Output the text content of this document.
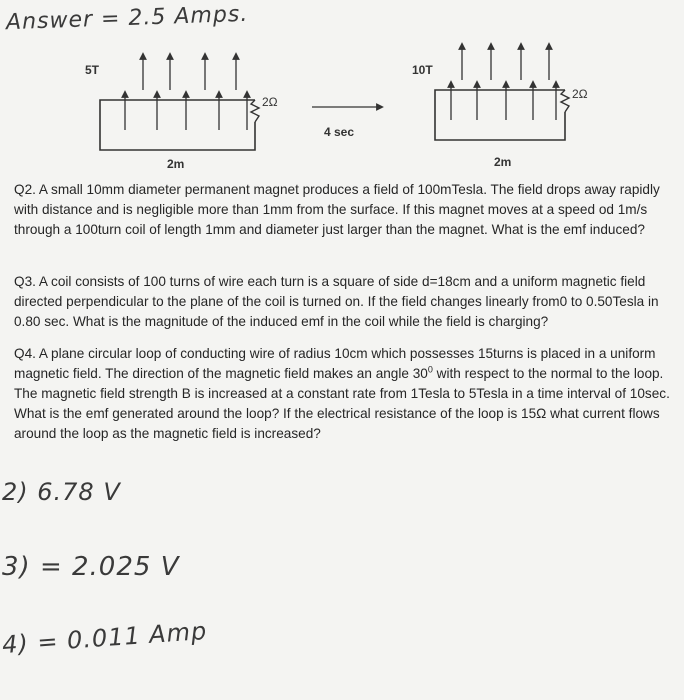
Answer = 2.5 Amps.
5T
2Ω
2m
4 sec
10T
2Ω
2m

Q2. A small 10mm diameter permanent magnet produces a field of 100mTesla. The field drops away rapidly with distance and is negligible more than 1mm from the surface. If this magnet moves at a speed od 1m/s through a 100turn coil of length 1mm and diameter just larger than the magnet. What is the emf induced?

Q3. A coil consists of 100 turns of wire each turn is a square of side d=18cm and a uniform magnetic field directed perpendicular to the plane of the coil is turned on. If the field changes linearly from0 to 0.50Tesla in 0.80 sec. What is the magnitude of the induced emf in the coil while the field is charging?

Q4. A plane circular loop of conducting wire of radius 10cm which possesses 15turns is placed in a uniform magnetic field. The direction of the magnetic field makes an angle $30^0$ with respect to the normal to the loop. The magnetic field strength B is increased at a constant rate from 1Tesla to 5Tesla in a time interval of 10sec. What is the emf generated around the loop? If the electrical resistance of the loop is 15Ω what current flows around the loop as the magnetic field is increased?

2) 6.78 V
3) = 2.025 V
4) = 0.011 Amp
